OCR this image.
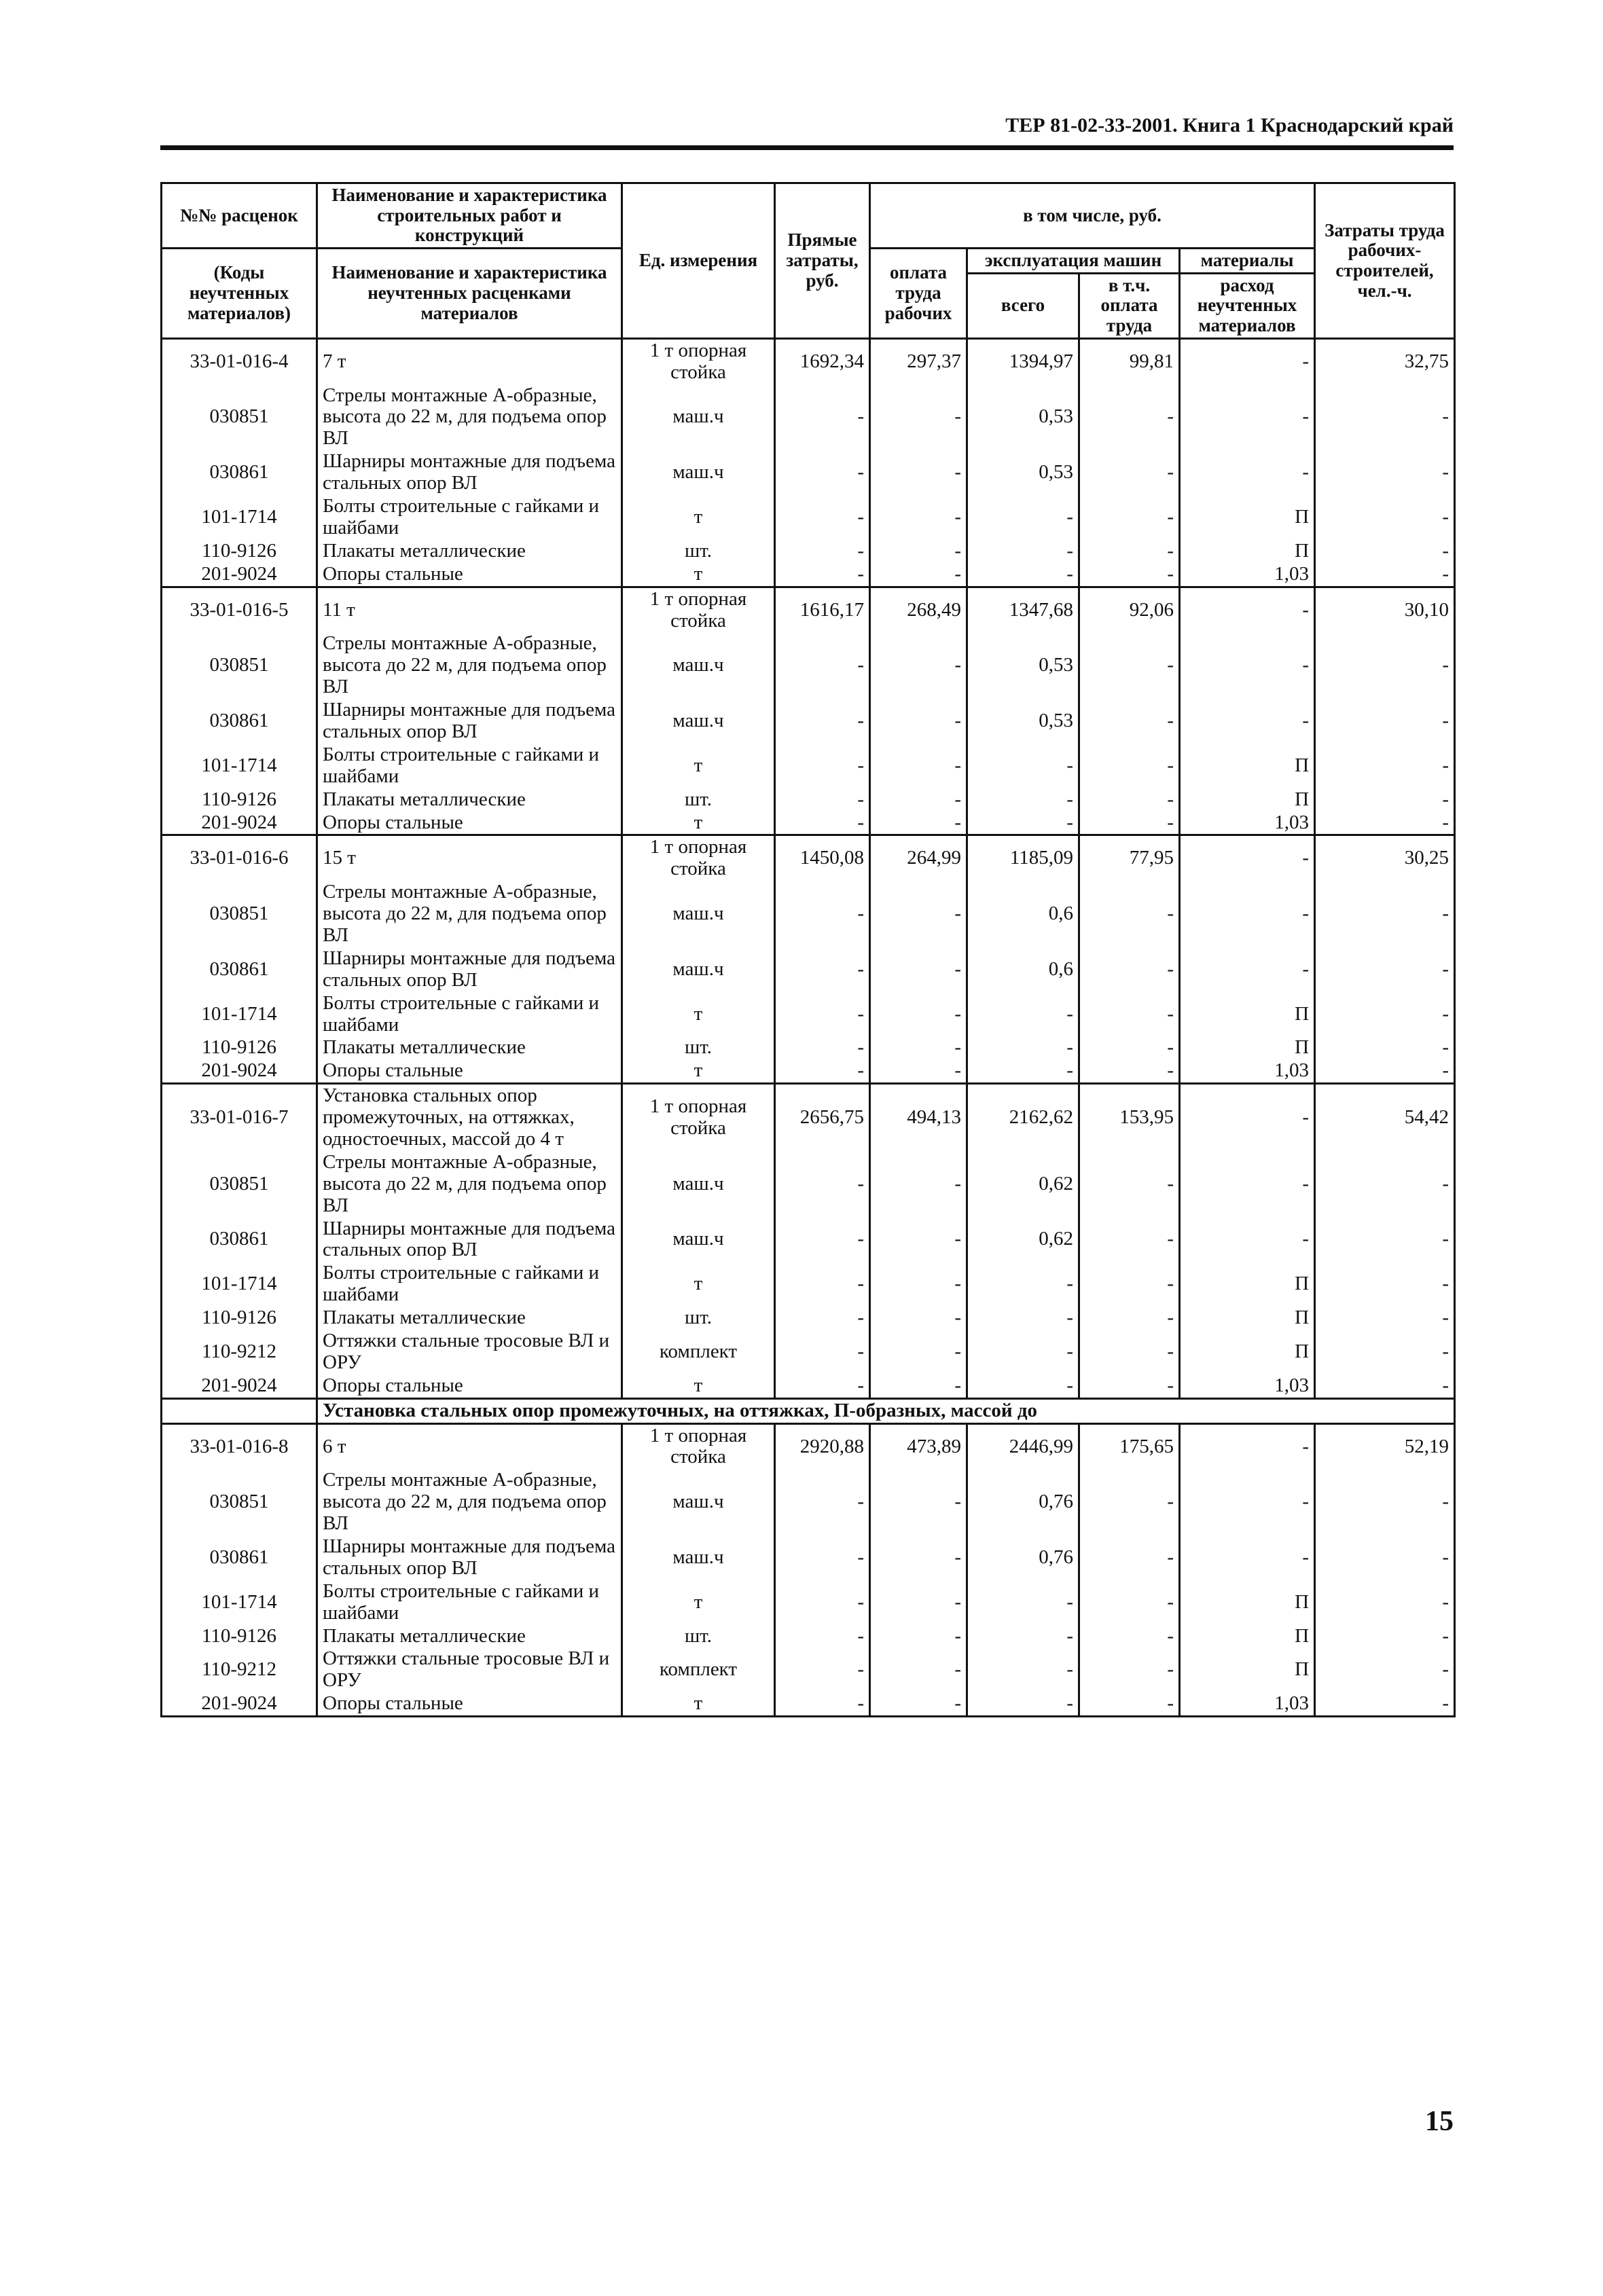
ТЕР 81-02-33-2001. Книга 1 Краснодарский край
№№ расценок	Наименование и характеристика строительных работ и конструкций	Ед. измерения	Прямые затраты, руб.	в том числе, руб.				Затраты труда рабочих-строителей, чел.-ч.
(Коды неучтенных материалов)	Наименование и характеристика неучтенных расценками материалов			оплата труда рабочих	эксплуатация машин		материалы	
					всего	в т.ч. оплата труда	расход неучтенных материалов	
33-01-016-4	7 т	1 т опорная стойка	1692,34	297,37	1394,97	99,81	-	32,75
030851	Стрелы монтажные А-образные, высота до 22 м, для подъема опор ВЛ	маш.ч	-	-	0,53	-	-	-
030861	Шарниры монтажные для подъема стальных опор ВЛ	маш.ч	-	-	0,53	-	-	-
101-1714	Болты строительные с гайками и шайбами	т	-	-	-	-	П	-
110-9126	Плакаты металлические	шт.	-	-	-	-	П	-
201-9024	Опоры стальные	т	-	-	-	-	1,03	-
33-01-016-5	11 т	1 т опорная стойка	1616,17	268,49	1347,68	92,06	-	30,10
030851	Стрелы монтажные А-образные, высота до 22 м, для подъема опор ВЛ	маш.ч	-	-	0,53	-	-	-
030861	Шарниры монтажные для подъема стальных опор ВЛ	маш.ч	-	-	0,53	-	-	-
101-1714	Болты строительные с гайками и шайбами	т	-	-	-	-	П	-
110-9126	Плакаты металлические	шт.	-	-	-	-	П	-
201-9024	Опоры стальные	т	-	-	-	-	1,03	-
33-01-016-6	15 т	1 т опорная стойка	1450,08	264,99	1185,09	77,95	-	30,25
030851	Стрелы монтажные А-образные, высота до 22 м, для подъема опор ВЛ	маш.ч	-	-	0,6	-	-	-
030861	Шарниры монтажные для подъема стальных опор ВЛ	маш.ч	-	-	0,6	-	-	-
101-1714	Болты строительные с гайками и шайбами	т	-	-	-	-	П	-
110-9126	Плакаты металлические	шт.	-	-	-	-	П	-
201-9024	Опоры стальные	т	-	-	-	-	1,03	-
33-01-016-7	Установка стальных опор промежуточных, на оттяжках, одностоечных, массой до 4 т	1 т опорная стойка	2656,75	494,13	2162,62	153,95	-	54,42
030851	Стрелы монтажные А-образные, высота до 22 м, для подъема опор ВЛ	маш.ч	-	-	0,62	-	-	-
030861	Шарниры монтажные для подъема стальных опор ВЛ	маш.ч	-	-	0,62	-	-	-
101-1714	Болты строительные с гайками и шайбами	т	-	-	-	-	П	-
110-9126	Плакаты металлические	шт.	-	-	-	-	П	-
110-9212	Оттяжки стальные тросовые ВЛ и ОРУ	комплект	-	-	-	-	П	-
201-9024	Опоры стальные	т	-	-	-	-	1,03	-
	Установка стальных опор промежуточных, на оттяжках, П-образных, массой до							
33-01-016-8	6 т	1 т опорная стойка	2920,88	473,89	2446,99	175,65	-	52,19
030851	Стрелы монтажные А-образные, высота до 22 м, для подъема опор ВЛ	маш.ч	-	-	0,76	-	-	-
030861	Шарниры монтажные для подъема стальных опор ВЛ	маш.ч	-	-	0,76	-	-	-
101-1714	Болты строительные с гайками и шайбами	т	-	-	-	-	П	-
110-9126	Плакаты металлические	шт.	-	-	-	-	П	-
110-9212	Оттяжки стальные тросовые ВЛ и ОРУ	комплект	-	-	-	-	П	-
201-9024	Опоры стальные	т	-	-	-	-	1,03	-
15
